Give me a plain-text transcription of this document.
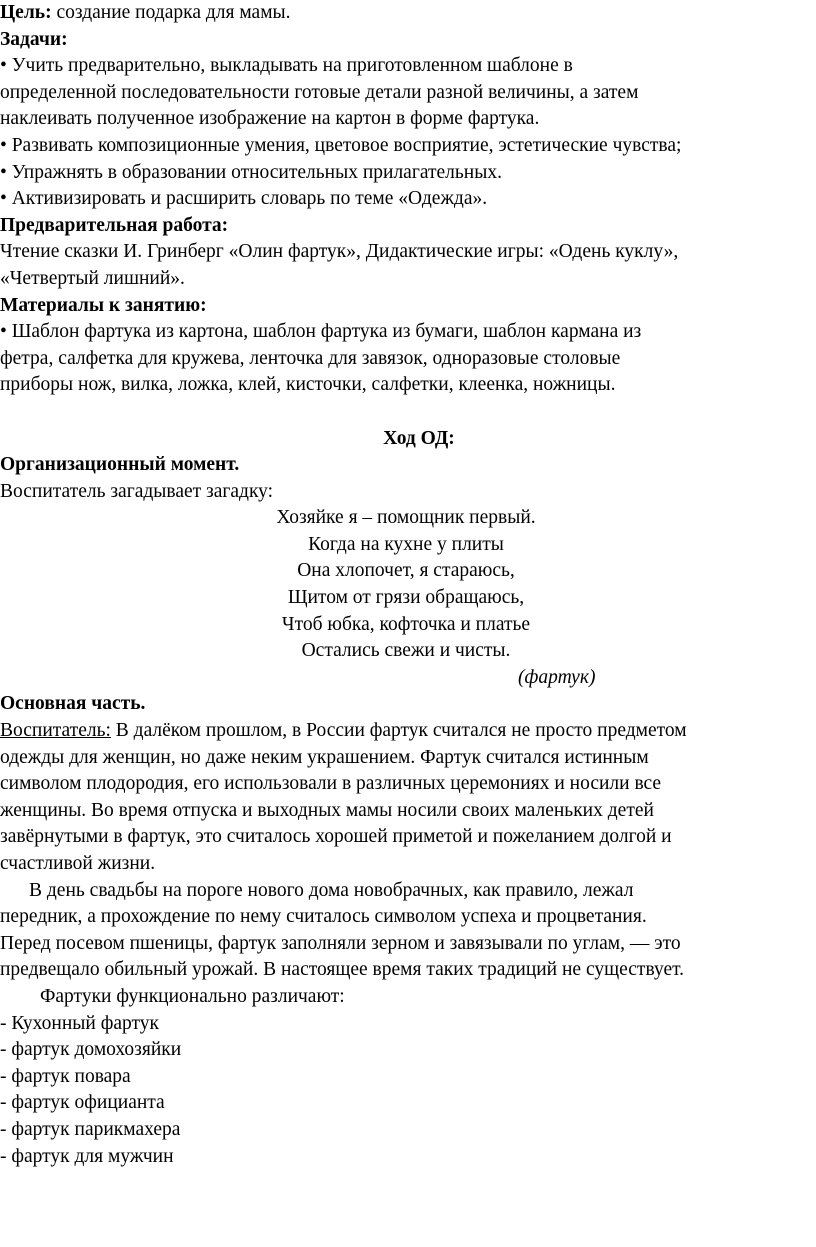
Цель: создание подарка для мамы.

Задачи:

• Учить предварительно, выкладывать на приготовленном шаблоне в

определенной последовательности готовые детали разной величины, а затем

наклеивать полученное изображение на картон в форме фартука.

• Развивать композиционные умения, цветовое восприятие, эстетические чувства;

• Упражнять в образовании относительных прилагательных.

• Активизировать и расширить словарь по теме «Одежда».

Предварительная работа:

Чтение сказки И. Гринберг «Олин фартук», Дидактические игры: «Одень куклу»,

«Четвертый лишний».

Материалы к занятию:

• Шаблон фартука из картона, шаблон фартука из бумаги, шаблон кармана из

фетра, салфетка для кружева, ленточка для завязок, одноразовые столовые

приборы нож, вилка, ложка, клей, кисточки, салфетки, клеенка, ножницы.

Ход ОД:

Организационный момент.

Воспитатель загадывает загадку:

Хозяйке я – помощник первый.

Когда на кухне у плиты

Она хлопочет, я стараюсь,

Щитом от грязи обращаюсь,

Чтоб юбка, кофточка и платье

Остались свежи и чисты.

(фартук)

Основная часть.

Воспитатель: В далёком прошлом, в России фартук считался не просто предметом

одежды для женщин, но даже неким украшением. Фартук считался истинным

символом плодородия, его использовали в различных церемониях и носили все

женщины. Во время отпуска и выходных мамы носили своих маленьких детей

завёрнутыми в фартук, это считалось хорошей приметой и пожеланием долгой и

счастливой жизни.

В день свадьбы на пороге нового дома новобрачных, как правило, лежал

передник, а прохождение по нему считалось символом успеха и процветания.

Перед посевом пшеницы, фартук заполняли зерном и завязывали по углам, — это

предвещало обильный урожай. В настоящее время таких традиций не существует.

Фартуки функционально различают:

- Кухонный фартук

- фартук домохозяйки

- фартук повара

- фартук официанта

- фартук парикмахера

- фартук для мужчин
